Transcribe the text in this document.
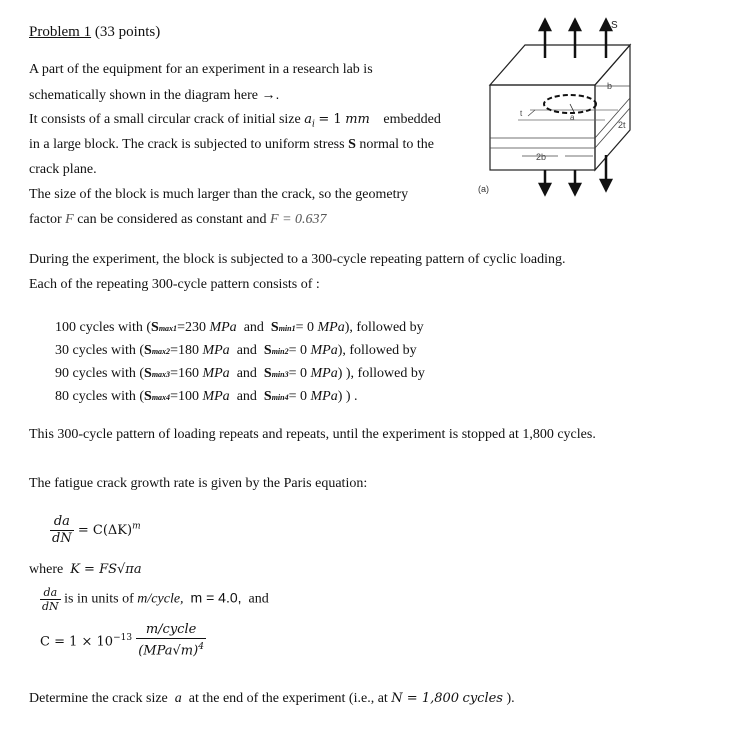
Problem 1 (33 points)
A part of the equipment for an experiment in a research lab is
schematically shown in the diagram here →.
It consists of a small circular crack of initial size $a_i = 1$ mm embedded
in a large block. The crack is subjected to uniform stress S normal to the
crack plane.
The size of the block is much larger than the crack, so the geometry
factor F can be considered as constant and F = 0.637
S
b
2t
t	a
2b
(a)
During the experiment, the block is subjected to a 300-cycle repeating pattern of cyclic loading.
Each of the repeating 300-cycle pattern consists of :
100 cycles with (Smax1=230 MPa and Smin1= 0 MPa), followed by
30 cycles with (Smax2=180 MPa and Smin2= 0 MPa), followed by
90 cycles with (Smax3=160 MPa and Smin3= 0 MPa) ), followed by
80 cycles with (Smax4=100 MPa and Smin4= 0 MPa) ) .
This 300-cycle pattern of loading repeats and repeats, until the experiment is stopped at 1,800 cycles.
The fatigue crack growth rate is given by the Paris equation:
$\frac{da}{dN} = C(\Delta K)^m$
where K = FS√πa
$\frac{da}{dN}$ is in units of m/cycle, m = 4.0, and
$C = 1 \times 10^{-13} \frac{\text{m/cycle}}{(MPa√m)^4}$
Determine the crack size a at the end of the experiment (i.e., at N = 1,800 cycles ).
